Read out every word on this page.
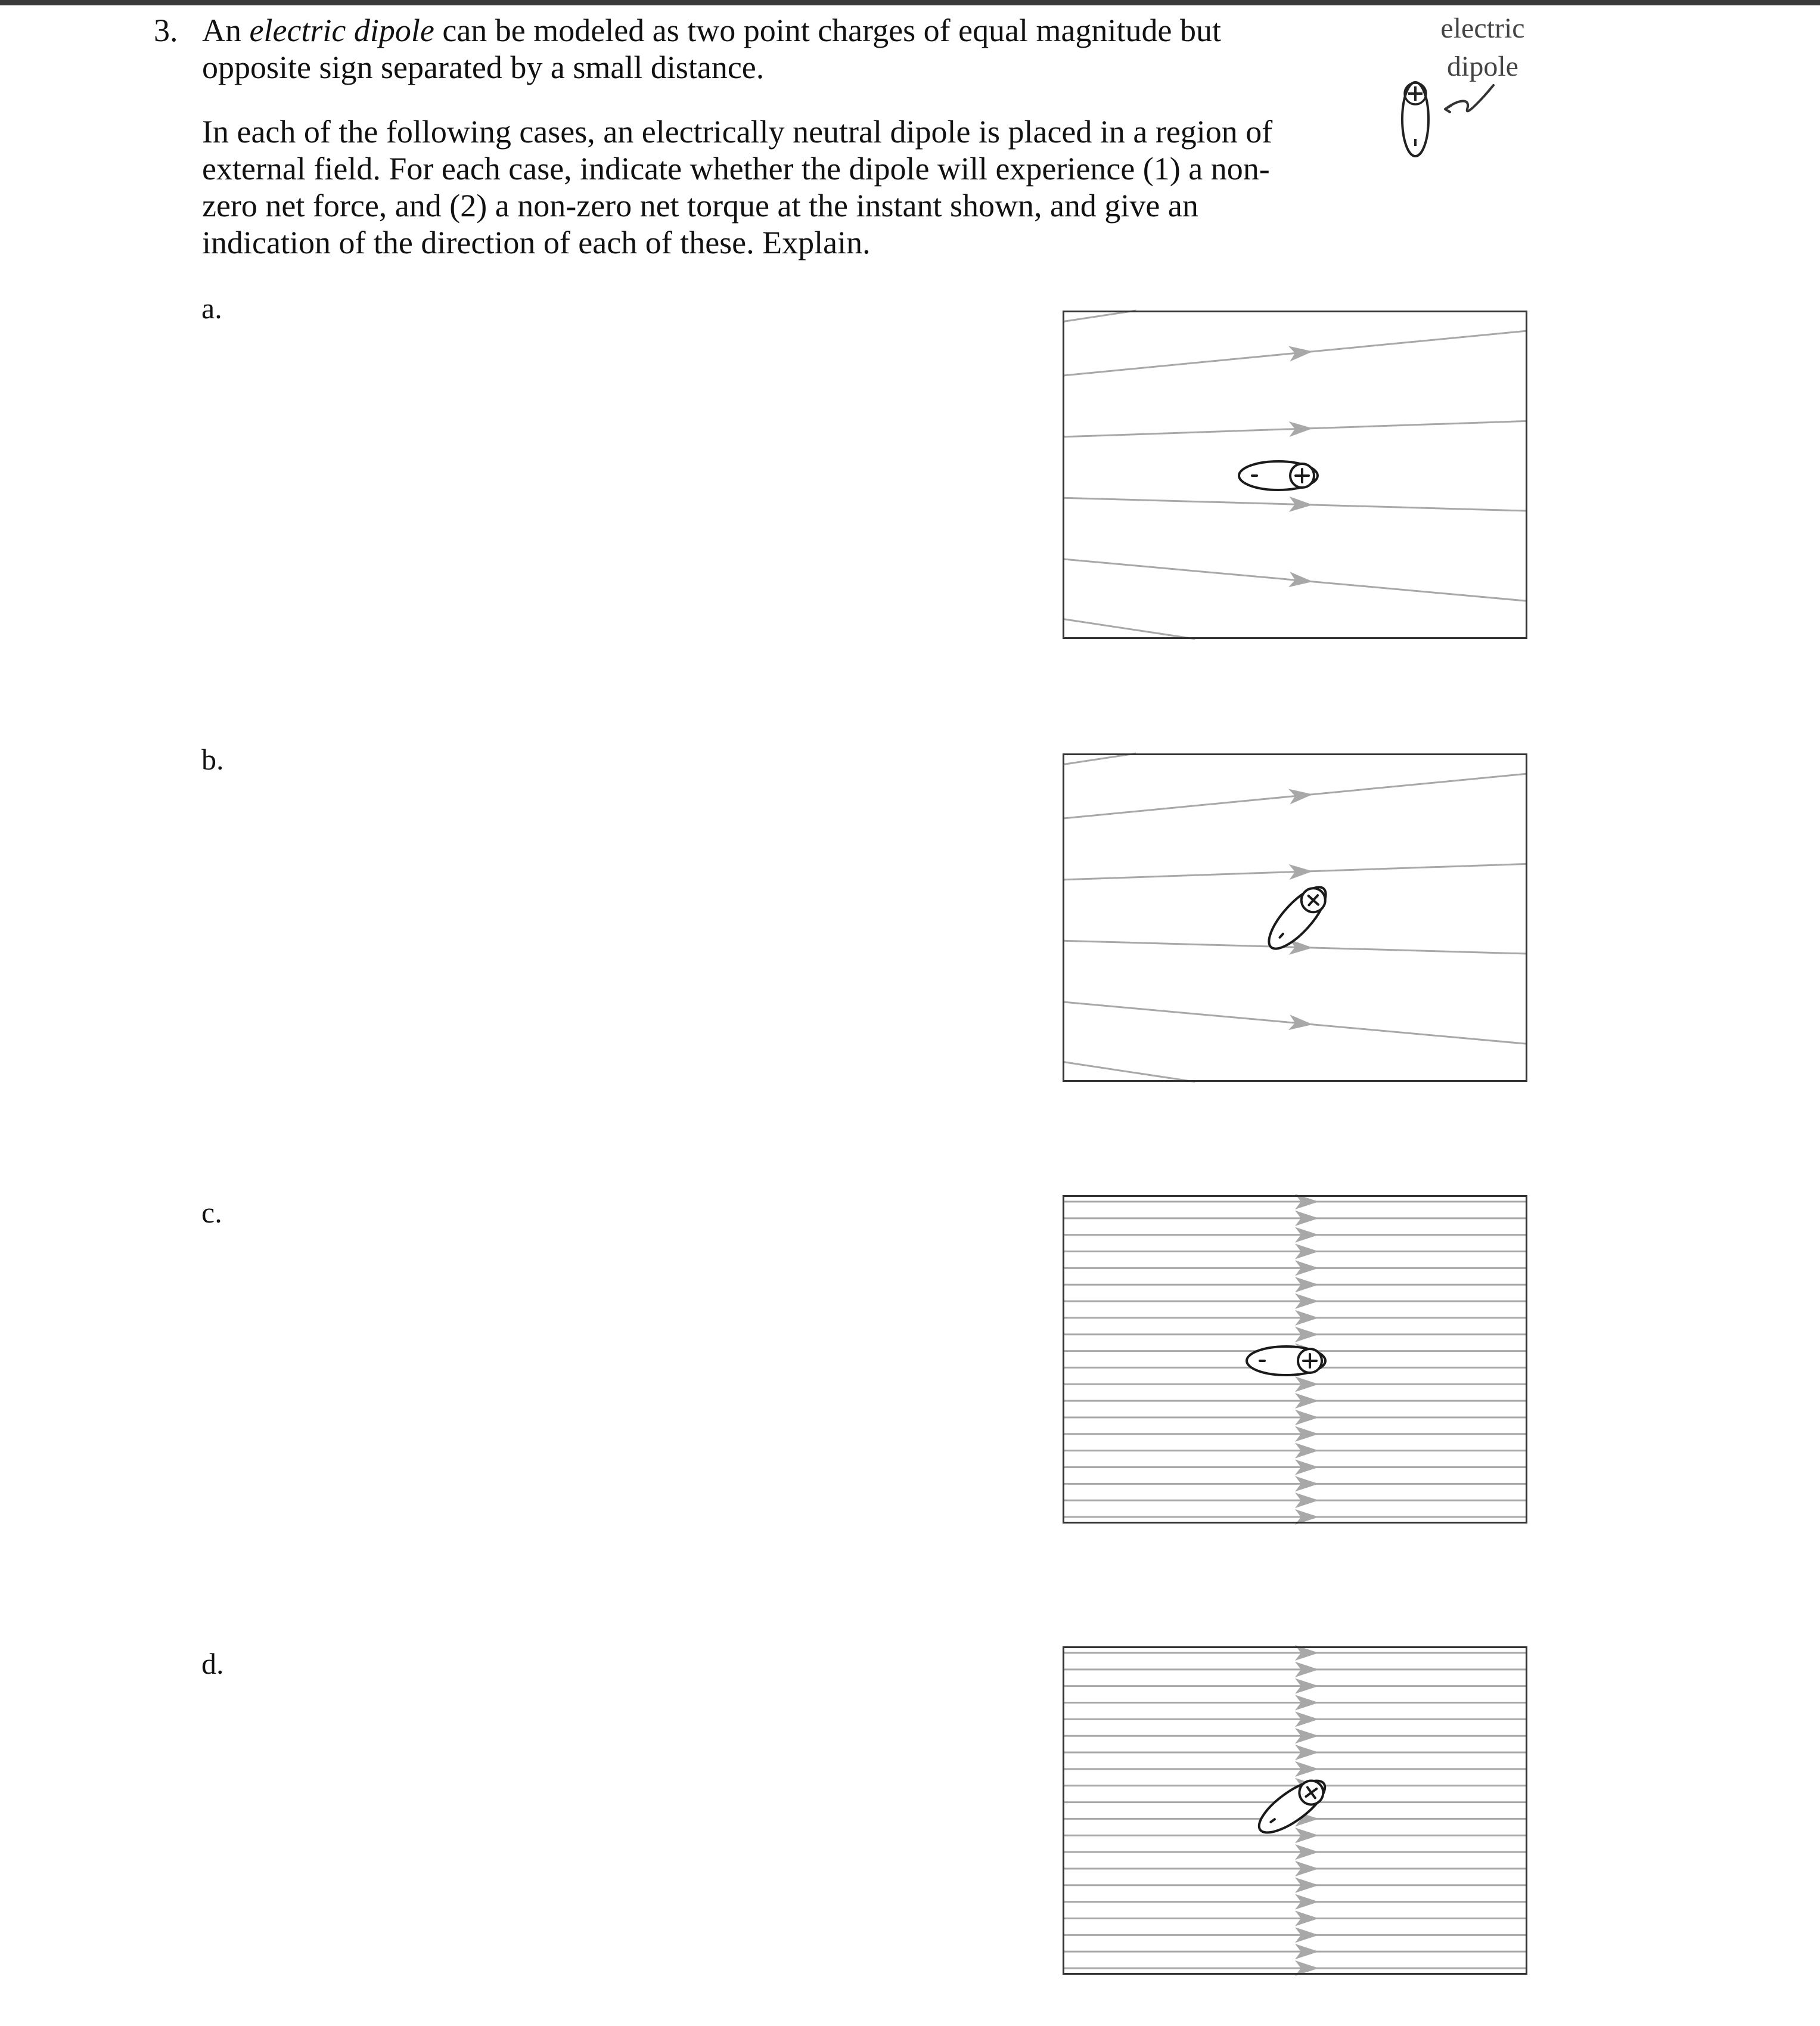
3. An electric dipole can be modeled as two point charges of equal magnitude but
opposite sign separated by a small distance.
In each of the following cases, an electrically neutral dipole is placed in a region of
external field. For each case, indicate whether the dipole will experience (1) a non-
zero net force, and (2) a non-zero net torque at the instant shown, and give an
indication of the direction of each of these. Explain.
electric
dipole
a.
b.
c.
d.
